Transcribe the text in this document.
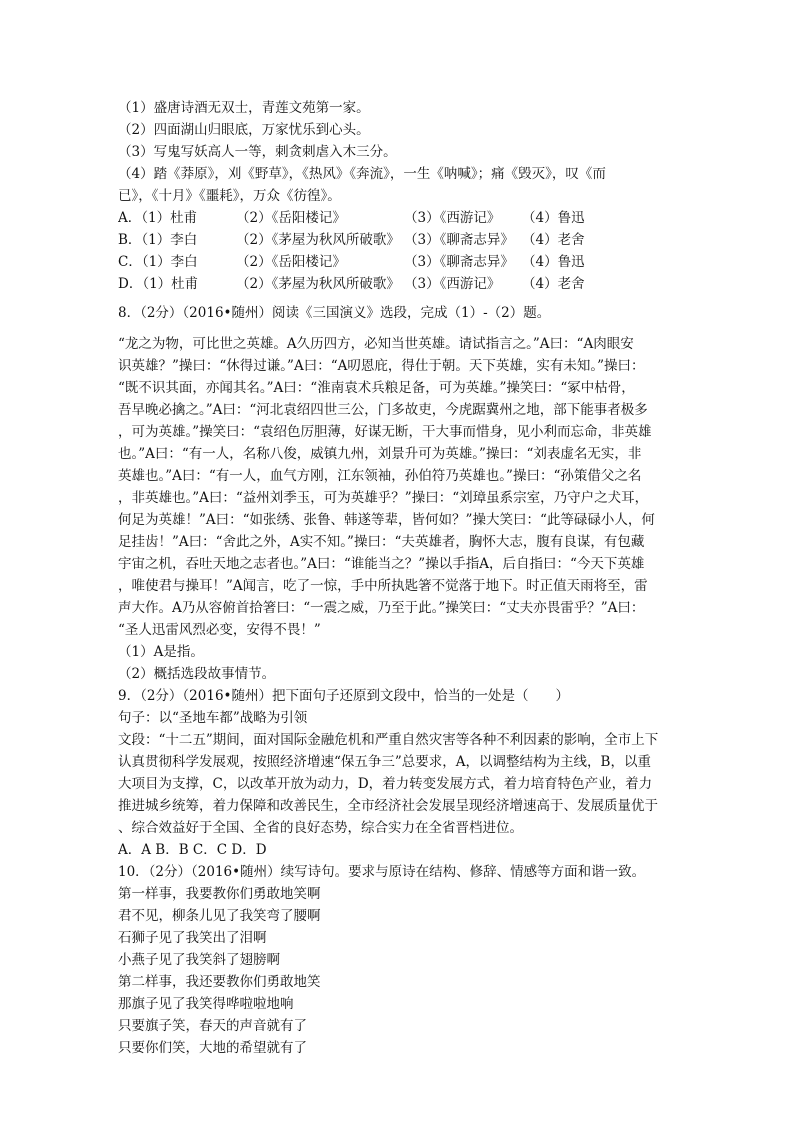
（1）盛唐诗酒无双士，青莲文苑第一家。
（2）四面湖山归眼底，万家忧乐到心头。
（3）写鬼写妖高人一等，刺贪刺虐入木三分。
（4）踏《莽原》，刈《野草》，《热风》《奔流》，一生《呐喊》；痛《毁灭》，叹《而
已》，《十月》《噩耗》，万众《彷徨》。
A．（1）杜甫	（2）《岳阳楼记》	（3）《西游记》 （4）鲁迅
B．（1）李白	（2）《茅屋为秋风所破歌》 （3）《聊斋志异》 （4）老舍
C．（1）李白	（2）《岳阳楼记》	（3）《聊斋志异》 （4）鲁迅
D．（1）杜甫	（2）《茅屋为秋风所破歌》 （3）《西游记》 （4）老舍
8．（2分）（2016•随州）阅读《三国演义》选段，完成（1）-（2）题。
“龙之为物，可比世之英雄。A久历四方，必知当世英雄。请试指言之。”A曰：“A肉眼安
识英雄？”操曰：“休得过谦。”A曰：“A叨恩庇，得仕于朝。天下英雄，实有未知。”操曰：
“既不识其面，亦闻其名。”A曰：“淮南袁术兵粮足备，可为英雄。”操笑曰：“冢中枯骨，
吾早晚必擒之。”A曰：“河北袁绍四世三公，门多故吏，今虎踞冀州之地，部下能事者极多
，可为英雄。”操笑曰：“袁绍色厉胆薄，好谋无断，干大事而惜身，见小利而忘命，非英雄
也。”A曰：“有一人，名称八俊，威镇九州，刘景升可为英雄。”操曰：“刘表虚名无实，非
英雄也。”A曰：“有一人，血气方刚，江东领袖，孙伯符乃英雄也。”操曰：“孙策借父之名
，非英雄也。”A曰：“益州刘季玉，可为英雄乎？”操曰：“刘璋虽系宗室，乃守户之犬耳，
何足为英雄！”A曰：“如张绣、张鲁、韩遂等辈，皆何如？”操大笑曰：“此等碌碌小人，何
足挂齿！”A曰：“舍此之外，A实不知。”操曰：“夫英雄者，胸怀大志，腹有良谋，有包藏
宇宙之机，吞吐天地之志者也。”A曰：“谁能当之？”操以手指A，后自指曰：“今天下英雄
，唯使君与操耳！”A闻言，吃了一惊，手中所执匙箸不觉落于地下。时正值天雨将至，雷
声大作。A乃从容俯首拾箸曰：“一震之威，乃至于此。”操笑曰：“丈夫亦畏雷乎？”A曰：
“圣人迅雷风烈必变，安得不畏！”
（1）A是指。
（2）概括选段故事情节。
9．（2分）（2016•随州）把下面句子还原到文段中，恰当的一处是（　　）
句子：以“圣地车都”战略为引领
文段：“十二五”期间，面对国际金融危机和严重自然灾害等各种不利因素的影响，全市上下
认真贯彻科学发展观，按照经济增速“保五争三”总要求，A，以调整结构为主线，B，以重
大项目为支撑，C，以改革开放为动力，D，着力转变发展方式，着力培育特色产业，着力
推进城乡统筹，着力保障和改善民生，全市经济社会发展呈现经济增速高于、发展质量优于
、综合效益好于全国、全省的良好态势，综合实力在全省晋档进位。
A．A B．B C．C D．D
10．（2分）（2016•随州）续写诗句。要求与原诗在结构、修辞、情感等方面和谐一致。
第一样事，我要教你们勇敢地笑啊
君不见，柳条儿见了我笑弯了腰啊
石狮子见了我笑出了泪啊
小燕子见了我笑斜了翅膀啊
第二样事，我还要教你们勇敢地笑
那旗子见了我笑得哗啦啦地响
只要旗子笑，春天的声音就有了
只要你们笑，大地的希望就有了
